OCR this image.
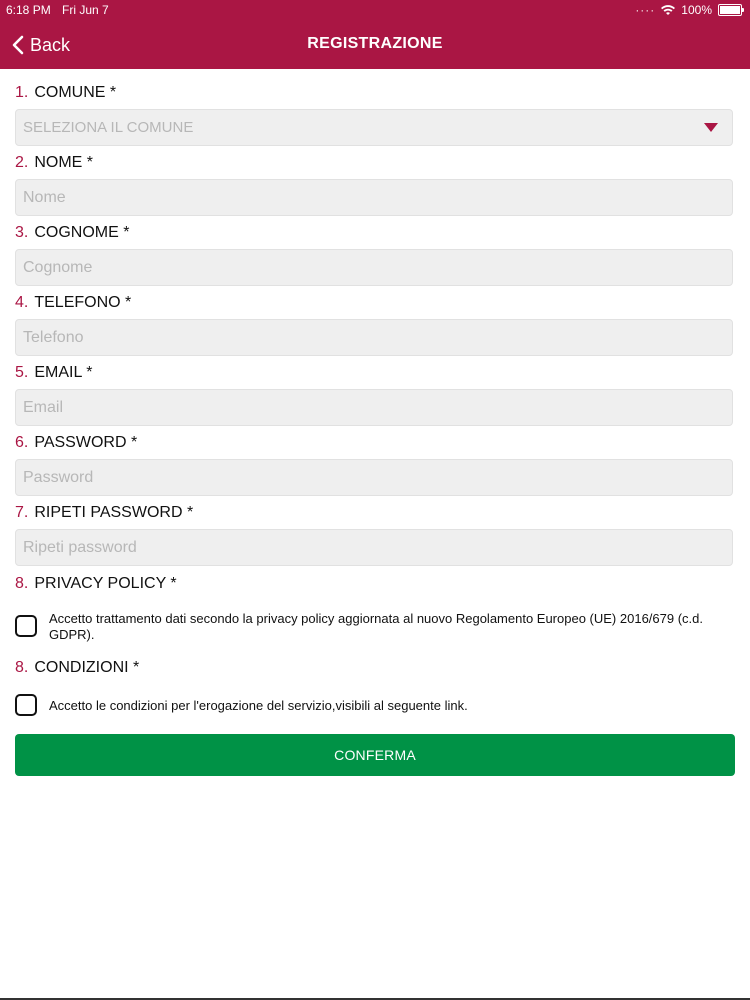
6:18 PM Fri Jun 7	···· 100%
Back	REGISTRAZIONE
1. COMUNE *
SELEZIONA IL COMUNE
2. NOME *
Nome
3. COGNOME *
Cognome
4. TELEFONO *
Telefono
5. EMAIL *
Email
6. PASSWORD *
Password
7. RIPETI PASSWORD *
Ripeti password
8. PRIVACY POLICY *
Accetto trattamento dati secondo la privacy policy aggiornata al nuovo Regolamento Europeo (UE) 2016/679 (c.d. GDPR).
8. CONDIZIONI *
Accetto le condizioni per l'erogazione del servizio,visibili al seguente link.
CONFERMA
